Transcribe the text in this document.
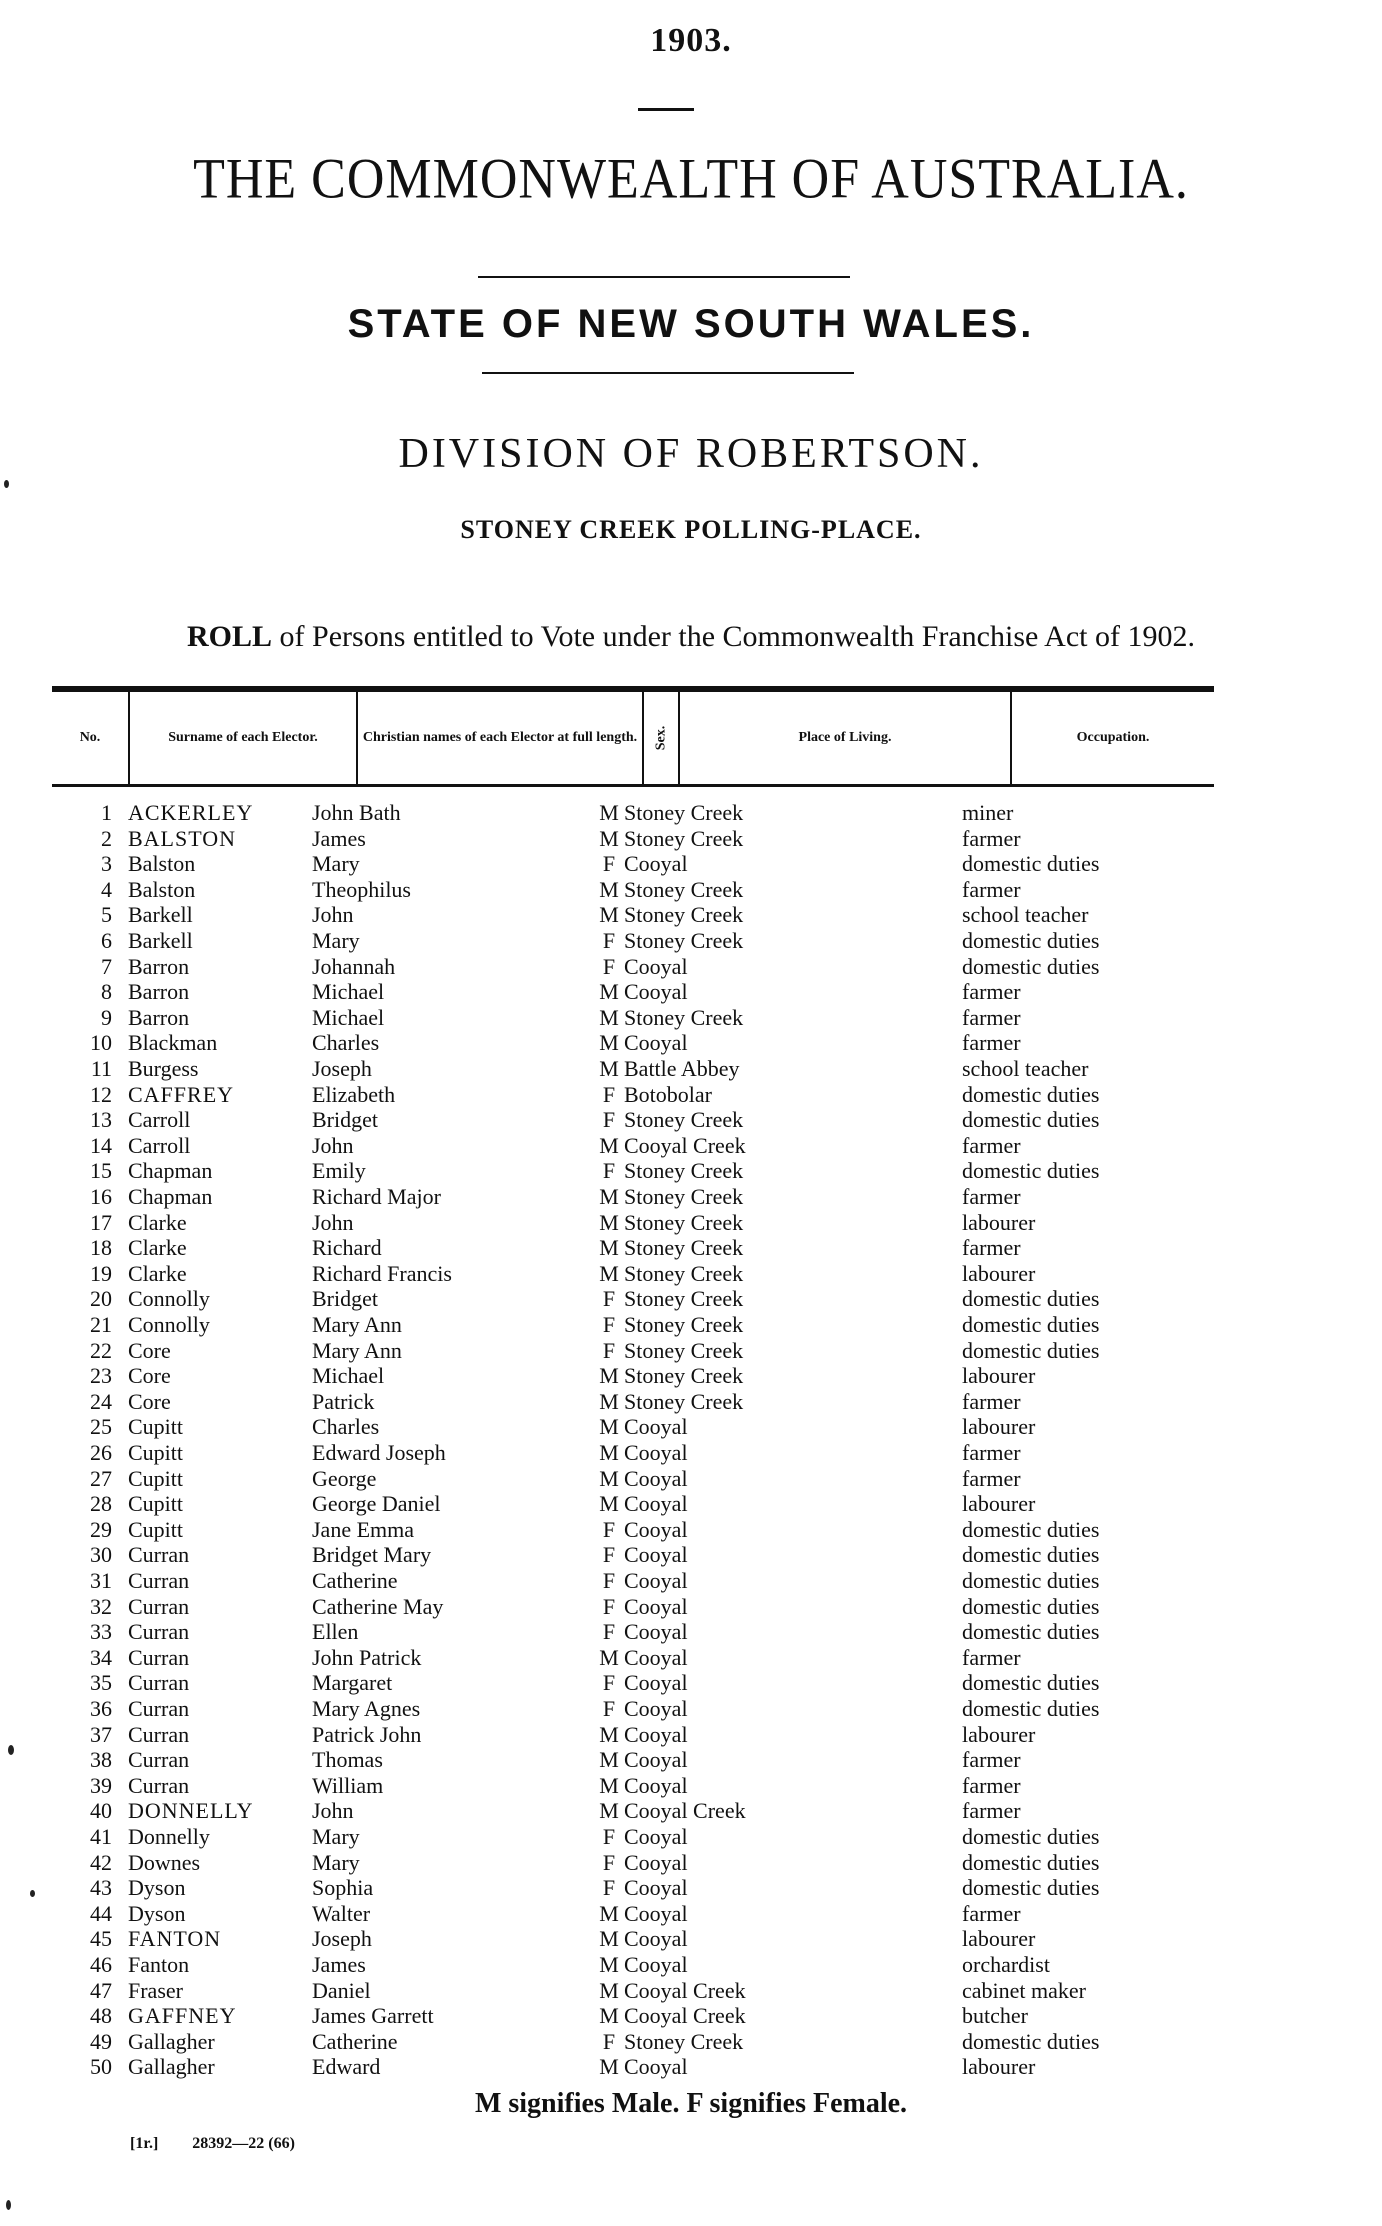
1903.
THE COMMONWEALTH OF AUSTRALIA.
STATE OF NEW SOUTH WALES.
DIVISION OF ROBERTSON.
STONEY CREEK POLLING-PLACE.
ROLL of Persons entitled to Vote under the Commonwealth Franchise Act of 1902.
No.	Surname of each Elector.	Christian names of each Elector at full length.	Sex.	Place of Living.	Occupation.
1 ACKERLEY	John Bath	M Stoney Creek	miner
2 BALSTON	James	M Stoney Creek	farmer
3 Balston	Mary	F Cooyal	domestic duties
4 Balston	Theophilus	M Stoney Creek	farmer
5 Barkell	John	M Stoney Creek	school teacher
6 Barkell	Mary	F Stoney Creek	domestic duties
7 Barron	Johannah	F Cooyal	domestic duties
8 Barron	Michael	M Cooyal	farmer
9 Barron	Michael	M Stoney Creek	farmer
10 Blackman	Charles	M Cooyal	farmer
11 Burgess	Joseph	M Battle Abbey	school teacher
12 CAFFREY	Elizabeth	F Botobolar	domestic duties
13 Carroll	Bridget	F Stoney Creek	domestic duties
14 Carroll	John	M Cooyal Creek	farmer
15 Chapman	Emily	F Stoney Creek	domestic duties
16 Chapman	Richard Major	M Stoney Creek	farmer
17 Clarke	John	M Stoney Creek	labourer
18 Clarke	Richard	M Stoney Creek	farmer
19 Clarke	Richard Francis	M Stoney Creek	labourer
20 Connolly	Bridget	F Stoney Creek	domestic duties
21 Connolly	Mary Ann	F Stoney Creek	domestic duties
22 Core	Mary Ann	F Stoney Creek	domestic duties
23 Core	Michael	M Stoney Creek	labourer
24 Core	Patrick	M Stoney Creek	farmer
25 Cupitt	Charles	M Cooyal	labourer
26 Cupitt	Edward Joseph	M Cooyal	farmer
27 Cupitt	George	M Cooyal	farmer
28 Cupitt	George Daniel	M Cooyal	labourer
29 Cupitt	Jane Emma	F Cooyal	domestic duties
30 Curran	Bridget Mary	F Cooyal	domestic duties
31 Curran	Catherine	F Cooyal	domestic duties
32 Curran	Catherine May	F Cooyal	domestic duties
33 Curran	Ellen	F Cooyal	domestic duties
34 Curran	John Patrick	M Cooyal	farmer
35 Curran	Margaret	F Cooyal	domestic duties
36 Curran	Mary Agnes	F Cooyal	domestic duties
37 Curran	Patrick John	M Cooyal	labourer
38 Curran	Thomas	M Cooyal	farmer
39 Curran	William	M Cooyal	farmer
40 DONNELLY	John	M Cooyal Creek	farmer
41 Donnelly	Mary	F Cooyal	domestic duties
42 Downes	Mary	F Cooyal	domestic duties
43 Dyson	Sophia	F Cooyal	domestic duties
44 Dyson	Walter	M Cooyal	farmer
45 FANTON	Joseph	M Cooyal	labourer
46 Fanton	James	M Cooyal	orchardist
47 Fraser	Daniel	M Cooyal Creek	cabinet maker
48 GAFFNEY	James Garrett	M Cooyal Creek	butcher
49 Gallagher	Catherine	F Stoney Creek	domestic duties
50 Gallagher	Edward	M Cooyal	labourer
M signifies Male. F signifies Female.
[1r.] 28392—22 (66)
